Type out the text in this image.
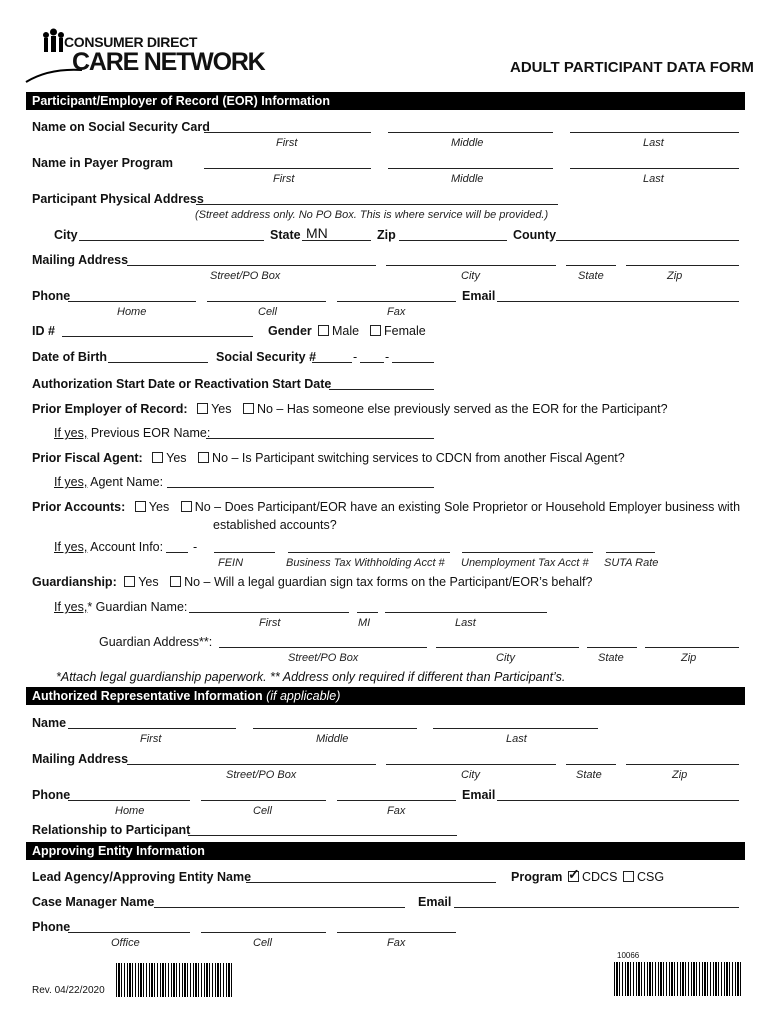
CONSUMER DIRECT
CARE NETWORK	ADULT PARTICIPANT DATA FORM
Participant/Employer of Record (EOR) Information
Name on Social Security Card
First	Middle	Last
Name in Payer Program
First	Middle	Last
Participant Physical Address
(Street address only. No PO Box. This is where service will be provided.)
City	State MN	Zip	County
Mailing Address
Street/PO Box	City	State	Zip
Phone	Email
Home	Cell	Fax
ID #	Gender	Male	Female
Date of Birth	Social Security #	- -
Authorization Start Date or Reactivation Start Date
Prior Employer of Record: Yes No – Has someone else previously served as the EOR for the Participant?
If yes, Previous EOR Name:
Prior Fiscal Agent: Yes No – Is Participant switching services to CDCN from another Fiscal Agent?
If yes, Agent Name:
Prior Accounts: Yes No – Does Participant/EOR have an existing Sole Proprietor or Household Employer business with
established accounts?
If yes, Account Info: -
FEIN	Business Tax Withholding Acct # Unemployment Tax Acct # SUTA Rate
Guardianship: Yes No – Will a legal guardian sign tax forms on the Participant/EOR’s behalf?
If yes,* Guardian Name:
First	MI	Last
Guardian Address**:
Street/PO Box	City	State	Zip
*Attach legal guardianship paperwork. ** Address only required if different than Participant’s.
Authorized Representative Information (if applicable)
Name
First	Middle	Last
Mailing Address
Street/PO Box	City	State	Zip
Phone	Email
Home	Cell	Fax
Relationship to Participant
Approving Entity Information
Lead Agency/Approving Entity Name	Program ✓	CDCS	CSG
Case Manager Name	Email
Phone
Office	Cell	Fax
Rev. 04/22/2020
10066
